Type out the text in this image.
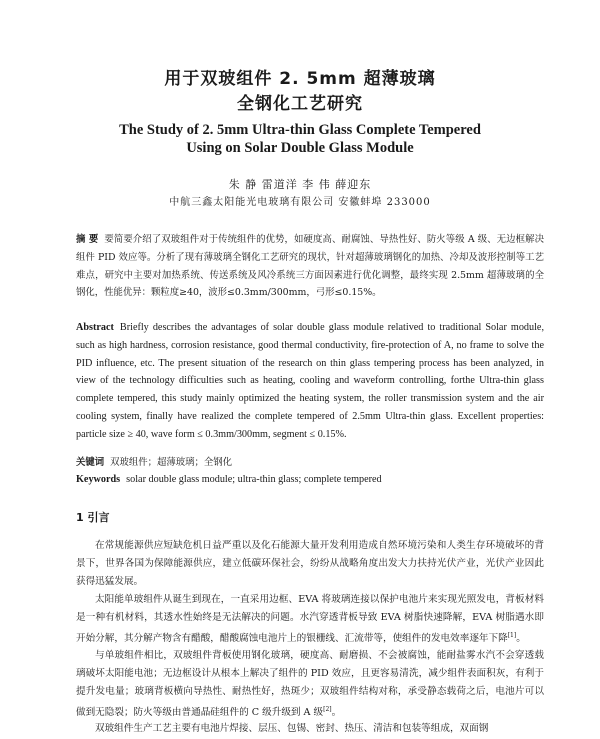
用于双玻组件 2. 5mm 超薄玻璃
全钢化工艺研究
The Study of 2. 5mm Ultra-thin Glass Complete Tempered
Using on Solar Double Glass Module
朱 静 雷道洋 李 伟 薛迎东
中航三鑫太阳能光电玻璃有限公司 安徽蚌埠 233000
摘 要 要简要介绍了双玻组件对于传统组件的优势，如硬度高、耐腐蚀、导热性好、防火等级 A 级、无边框解决组件 PID 效应等。分析了现有薄玻璃全钢化工艺研究的现状，针对超薄玻璃钢化的加热、冷却及波形控制等工艺难点，研究中主要对加热系统、传送系统及风冷系统三方面因素进行优化调整，最终实现 2.5mm 超薄玻璃的全钢化，性能优异：颗粒度≥40，波形≤0.3mm/300mm，弓形≤0.15%。
Abstract Briefly describes the advantages of solar double glass module relatived to traditional Solar module, such as high hardness, corrosion resistance, good thermal conductivity, fire-protection of A, no frame to solve the PID influence, etc. The present situation of the research on thin glass tempering process has been analyzed, in view of the technology difficulties such as heating, cooling and waveform controlling, forthe Ultra-thin glass complete tempered, this study mainly optimized the heating system, the roller transmission system and the air cooling system, finally have realized the complete tempered of 2.5mm Ultra-thin glass. Excellent properties: particle size ≥ 40, wave form ≤ 0.3mm/300mm, segment ≤ 0.15%.
关键词 双玻组件；超薄玻璃；全钢化
Keywords solar double glass module; ultra-thin glass; complete tempered
1 引言
在常规能源供应短缺危机日益严重以及化石能源大量开发利用造成自然环境污染和人类生存环境破坏的背景下，世界各国为保障能源供应，建立低碳环保社会，纷纷从战略角度出发大力扶持光伏产业，光伏产业因此获得迅猛发展。
太阳能单玻组件从诞生到现在，一直采用边框、EVA 将玻璃连接以保护电池片来实现光照发电，背板材料是一种有机材料，其透水性始终是无法解决的问题。水汽穿透背板导致 EVA 树脂快速降解，EVA 树脂遇水即开始分解，其分解产物含有醋酸，醋酸腐蚀电池片上的银栅线、汇流带等，使组件的发电效率逐年下降[1]。
与单玻组件相比，双玻组件背板使用钢化玻璃，硬度高、耐磨损、不会被腐蚀，能耐盐雾水汽不会穿透载璃破坏太阳能电池；无边框设计从根本上解决了组件的 PID 效应，且更容易清洗，减少组件表面积灰，有利于提升发电量；玻璃背板横向导热性、耐热性好，热斑少；双玻组件结构对称，承受静态载荷之后，电池片可以做到无隐裂；防火等级由普通晶硅组件的 C 级升级到 A 级[2]。
双玻组件生产工艺主要有电池片焊接、层压、包锡、密封、热压、清洁和包装等组成，双面钢
